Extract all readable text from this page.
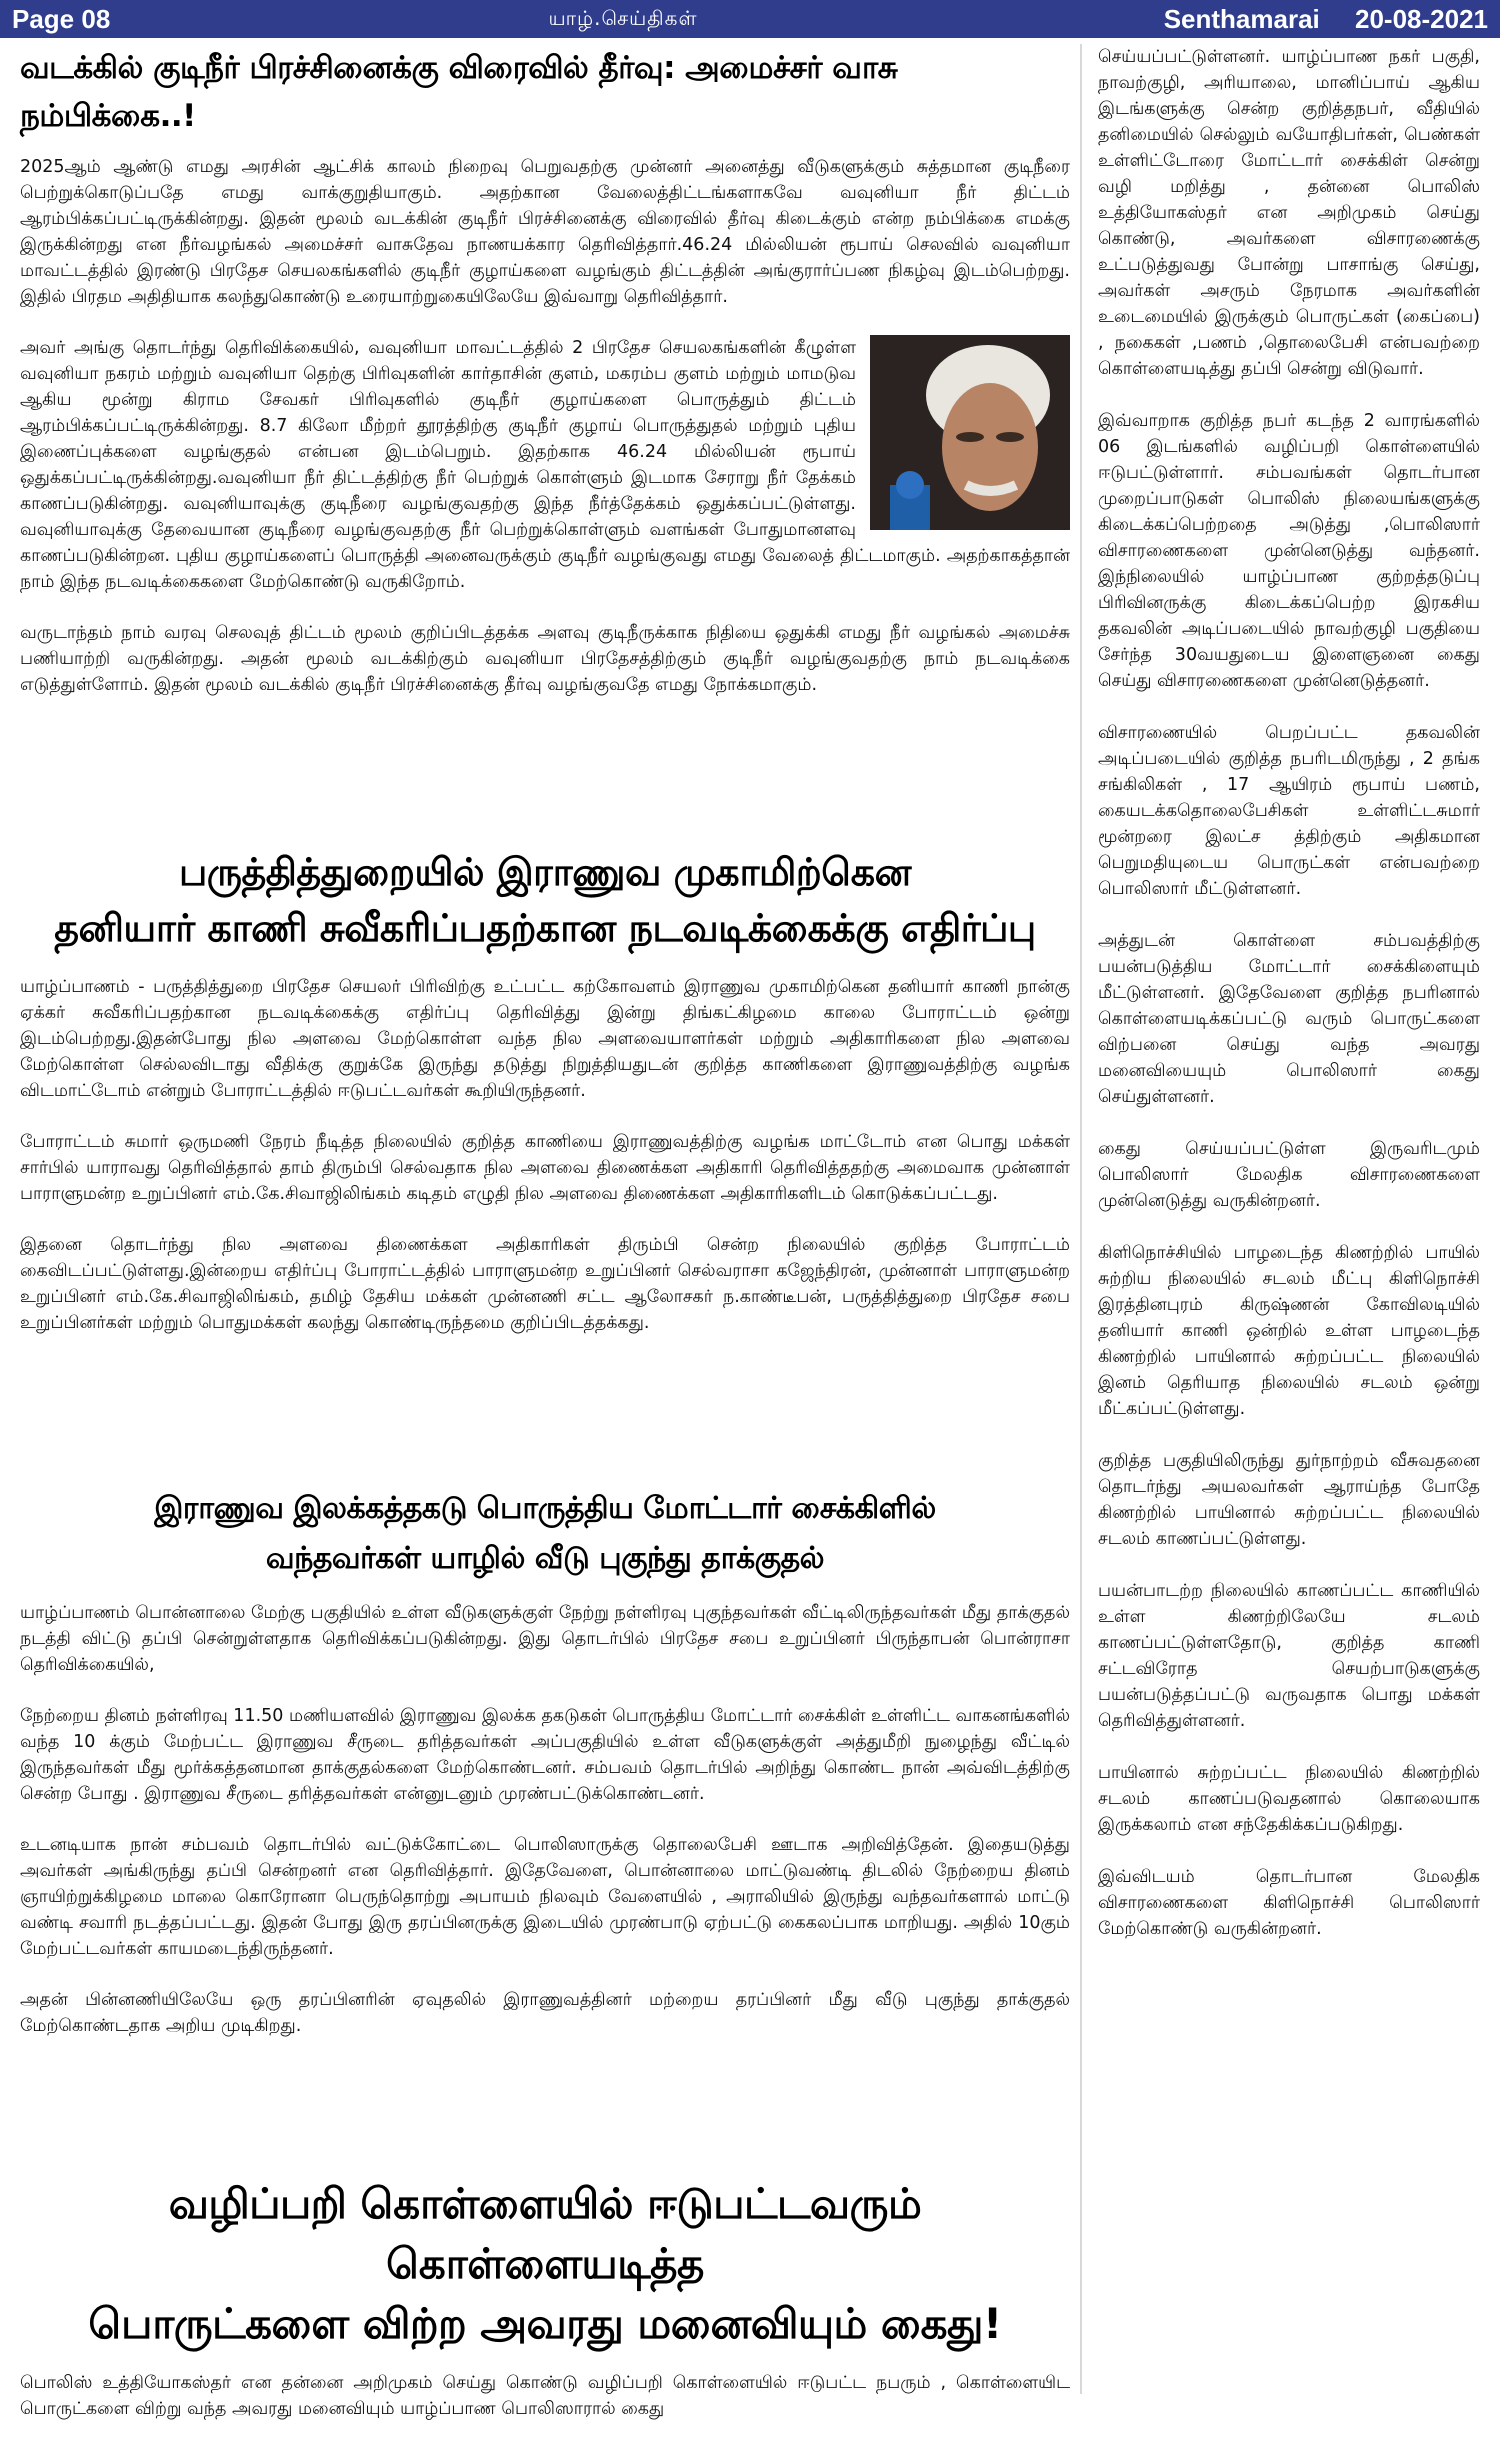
Page 08	யாழ்.செய்திகள்	Senthamarai 20-08-2021
வடக்கில் குடிநீர் பிரச்சினைக்கு விரைவில் தீர்வு: அமைச்சர் வாசு நம்பிக்கை..!

2025ஆம் ஆண்டு எமது அரசின் ஆட்சிக் காலம் நிறைவு பெறுவதற்கு முன்னர் அனைத்து வீடுகளுக்கும் சுத்தமான குடிநீரை பெற்றுக்கொடுப்பதே எமது வாக்குறுதியாகும். அதற்கான வேலைத்திட்டங்களாகவே வவுனியா நீர் திட்டம் ஆரம்பிக்கப்பட்டிருக்கின்றது. இதன் மூலம் வடக்கின் குடிநீர் பிரச்சினைக்கு விரைவில் தீர்வு கிடைக்கும் என்ற நம்பிக்கை எமக்கு இருக்கின்றது என நீர்வழங்கல் அமைச்சர் வாசுதேவ நாணயக்கார தெரிவித்தார்.46.24 மில்லியன் ரூபாய் செலவில் வவுனியா மாவட்டத்தில் இரண்டு பிரதேச செயலகங்களில் குடிநீர் குழாய்களை வழங்கும் திட்டத்தின் அங்குரார்ப்பண நிகழ்வு இடம்பெற்றது. இதில் பிரதம அதிதியாக கலந்துகொண்டு உரையாற்றுகையிலேயே இவ்வாறு தெரிவித்தார்.

அவர் அங்கு தொடர்ந்து தெரிவிக்கையில், வவுனியா மாவட்டத்தில் 2 பிரதேச செயலகங்களின் கீழுள்ள வவுனியா நகரம் மற்றும் வவுனியா தெற்கு பிரிவுகளின் கார்தாசின் குளம், மகரம்ப குளம் மற்றும் மாமடுவ ஆகிய மூன்று கிராம சேவகர் பிரிவுகளில் குடிநீர் குழாய்களை பொருத்தும் திட்டம் ஆரம்பிக்கப்பட்டிருக்கின்றது. 8.7 கிலோ மீற்றர் தூரத்திற்கு குடிநீர் குழாய் பொருத்துதல் மற்றும் புதிய இணைப்புக்களை வழங்குதல் என்பன இடம்பெறும். இதற்காக 46.24 மில்லியன் ரூபாய் ஒதுக்கப்பட்டிருக்கின்றது.வவுனியா நீர் திட்டத்திற்கு நீர் பெற்றுக் கொள்ளும் இடமாக சேராறு நீர் தேக்கம் காணப்படுகின்றது. வவுனியாவுக்கு குடிநீரை வழங்குவதற்கு இந்த நீர்த்தேக்கம் ஒதுக்கப்பட்டுள்ளது. வவுனியாவுக்கு தேவையான குடிநீரை வழங்குவதற்கு நீர் பெற்றுக்கொள்ளும் வளங்கள் போதுமானளவு காணப்படுகின்றன. புதிய குழாய்களைப் பொருத்தி அனைவருக்கும் குடிநீர் வழங்குவது எமது வேலைத் திட்டமாகும். அதற்காகத்தான் நாம் இந்த நடவடிக்கைகளை மேற்கொண்டு வருகிறோம்.

வருடாந்தம் நாம் வரவு செலவுத் திட்டம் மூலம் குறிப்பிடத்தக்க அளவு குடிநீருக்காக நிதியை ஒதுக்கி எமது நீர் வழங்கல் அமைச்சு பணியாற்றி வருகின்றது. அதன் மூலம் வடக்கிற்கும் வவுனியா பிரதேசத்திற்கும் குடிநீர் வழங்குவதற்கு நாம் நடவடிக்கை எடுத்துள்ளோம். இதன் மூலம் வடக்கில் குடிநீர் பிரச்சினைக்கு தீர்வு வழங்குவதே எமது நோக்கமாகும்.

பருத்தித்துறையில் இராணுவ முகாமிற்கென
தனியார் காணி சுவீகரிப்பதற்கான நடவடிக்கைக்கு எதிர்ப்பு

யாழ்ப்பாணம் - பருத்தித்துறை பிரதேச செயலர் பிரிவிற்கு உட்பட்ட கற்கோவளம் இராணுவ முகாமிற்கென தனியார் காணி நான்கு ஏக்கர் சுவீகரிப்பதற்கான நடவடிக்கைக்கு எதிர்ப்பு தெரிவித்து இன்று திங்கட்கிழமை காலை போராட்டம் ஒன்று இடம்பெற்றது.இதன்போது நில அளவை மேற்கொள்ள வந்த நில அளவையாளர்கள் மற்றும் அதிகாரிகளை நில அளவை மேற்கொள்ள செல்லவிடாது வீதிக்கு குறுக்கே இருந்து தடுத்து நிறுத்தியதுடன் குறித்த காணிகளை இராணுவத்திற்கு வழங்க விடமாட்டோம் என்றும் போராட்டத்தில் ஈடுபட்டவர்கள் கூறியிருந்தனர்.

போராட்டம் சுமார் ஒருமணி நேரம் நீடித்த நிலையில் குறித்த காணியை இராணுவத்திற்கு வழங்க மாட்டோம் என பொது மக்கள் சார்பில் யாராவது தெரிவித்தால் தாம் திரும்பி செல்வதாக நில அளவை திணைக்கள அதிகாரி தெரிவித்ததற்கு அமைவாக முன்னாள் பாராளுமன்ற உறுப்பினர் எம்.கே.சிவாஜிலிங்கம் கடிதம் எழுதி நில அளவை திணைக்கள அதிகாரிகளிடம் கொடுக்கப்பட்டது.

இதனை தொடர்ந்து நில அளவை திணைக்கள அதிகாரிகள் திரும்பி சென்ற நிலையில் குறித்த போராட்டம் கைவிடப்பட்டுள்ளது.இன்றைய எதிர்ப்பு போராட்டத்தில் பாராளுமன்ற உறுப்பினர் செல்வராசா கஜேந்திரன், முன்னாள் பாராளுமன்ற உறுப்பினர் எம்.கே.சிவாஜிலிங்கம், தமிழ் தேசிய மக்கள் முன்னணி சட்ட ஆலோசகர் ந.காண்டீபன், பருத்தித்துறை பிரதேச சபை உறுப்பினர்கள் மற்றும் பொதுமக்கள் கலந்து கொண்டிருந்தமை குறிப்பிடத்தக்கது.

இராணுவ இலக்கத்தகடு பொருத்திய மோட்டார் சைக்கிளில்
வந்தவர்கள் யாழில் வீடு புகுந்து தாக்குதல்

யாழ்ப்பாணம் பொன்னாலை மேற்கு பகுதியில் உள்ள வீடுகளுக்குள் நேற்று நள்ளிரவு புகுந்தவர்கள் வீட்டிலிருந்தவர்கள் மீது தாக்குதல் நடத்தி விட்டு தப்பி சென்றுள்ளதாக தெரிவிக்கப்படுகின்றது. இது தொடர்பில் பிரதேச சபை உறுப்பினர் பிருந்தாபன் பொன்ராசா தெரிவிக்கையில்,

நேற்றைய தினம் நள்ளிரவு 11.50 மணியளவில் இராணுவ இலக்க தகடுகள் பொருத்திய மோட்டார் சைக்கிள் உள்ளிட்ட வாகனங்களில் வந்த 10 க்கும் மேற்பட்ட இராணுவ சீருடை தரித்தவர்கள் அப்பகுதியில் உள்ள வீடுகளுக்குள் அத்துமீறி நுழைந்து வீட்டில் இருந்தவர்கள் மீது மூர்க்கத்தனமான தாக்குதல்களை மேற்கொண்டனர். சம்பவம் தொடர்பில் அறிந்து கொண்ட நான் அவ்விடத்திற்கு சென்ற போது . இராணுவ சீருடை தரித்தவர்கள் என்னுடனும் முரண்பட்டுக்கொண்டனர்.

உடனடியாக நான் சம்பவம் தொடர்பில் வட்டுக்கோட்டை பொலிஸாருக்கு தொலைபேசி ஊடாக அறிவித்தேன். இதையடுத்து அவர்கள் அங்கிருந்து தப்பி சென்றனர் என தெரிவித்தார். இதேவேளை, பொன்னாலை மாட்டுவண்டி திடலில் நேற்றைய தினம் ஞாயிற்றுக்கிழமை மாலை கொரோனா பெருந்தொற்று அபாயம் நிலவும் வேளையில் , அராலியில் இருந்து வந்தவர்களால் மாட்டு வண்டி சவாரி நடத்தப்பட்டது. இதன் போது இரு தரப்பினருக்கு இடையில் முரண்பாடு ஏற்பட்டு கைகலப்பாக மாறியது. அதில் 10கும் மேற்பட்டவர்கள் காயமடைந்திருந்தனர்.

அதன் பின்னணியிலேயே ஒரு தரப்பினரின் ஏவுதலில் இராணுவத்தினர் மற்றைய தரப்பினர் மீது வீடு புகுந்து தாக்குதல் மேற்கொண்டதாக அறிய முடிகிறது.

வழிப்பறி கொள்ளையில் ஈடுபட்டவரும் கொள்ளையடித்த
பொருட்களை விற்ற அவரது மனைவியும் கைது!

பொலிஸ் உத்தியோகஸ்தர் என தன்னை அறிமுகம் செய்து கொண்டு வழிப்பறி கொள்ளையில் ஈடுபட்ட நபரும் , கொள்ளையிட பொருட்களை விற்று வந்த அவரது மனைவியும் யாழ்ப்பாண பொலிஸாரால் கைது

செய்யப்பட்டுள்ளனர். யாழ்ப்பாண நகர் பகுதி, நாவற்குழி, அரியாலை, மானிப்பாய் ஆகிய இடங்களுக்கு சென்ற குறித்தநபர், வீதியில் தனிமையில் செல்லும் வயோதிபர்கள், பெண்கள் உள்ளிட்டோரை மோட்டார் சைக்கிள் சென்று வழி மறித்து , தன்னை பொலிஸ் உத்தியோகஸ்தர் என அறிமுகம் செய்து கொண்டு, அவர்களை விசாரணைக்கு உட்படுத்துவது போன்று பாசாங்கு செய்து, அவர்கள் அசரும் நேரமாக அவர்களின் உடைமையில் இருக்கும் பொருட்கள் (கைப்பை) , நகைகள் ,பணம் ,தொலைபேசி என்பவற்றை கொள்ளையடித்து தப்பி சென்று விடுவார்.

இவ்வாறாக குறித்த நபர் கடந்த 2 வாரங்களில் 06 இடங்களில் வழிப்பறி கொள்ளையில் ஈடுபட்டுள்ளார். சம்பவங்கள் தொடர்பான முறைப்பாடுகள் பொலிஸ் நிலையங்களுக்கு கிடைக்கப்பெற்றதை அடுத்து ,பொலிஸார் விசாரணைகளை முன்னெடுத்து வந்தனர். இந்நிலையில் யாழ்ப்பாண குற்றத்தடுப்பு பிரிவினருக்கு கிடைக்கப்பெற்ற இரகசிய தகவலின் அடிப்படையில் நாவற்குழி பகுதியை சேர்ந்த 30வயதுடைய இளைஞனை கைது செய்து விசாரணைகளை முன்னெடுத்தனர்.

விசாரணையில் பெறப்பட்ட தகவலின் அடிப்படையில் குறித்த நபரிடமிருந்து , 2 தங்க சங்கிலிகள் , 17 ஆயிரம் ரூபாய் பணம், கையடக்கதொலைபேசிகள் உள்ளிட்டசுமார் மூன்றரை இலட்ச த்திற்கும் அதிகமான பெறுமதியுடைய பொருட்கள் என்பவற்றை பொலிஸார் மீட்டுள்ளனர்.

அத்துடன் கொள்ளை சம்பவத்திற்கு பயன்படுத்திய மோட்டார் சைக்கிளையும் மீட்டுள்ளனர். இதேவேளை குறித்த நபரினால் கொள்ளையடிக்கப்பட்டு வரும் பொருட்களை விற்பனை செய்து வந்த அவரது மனைவியையும் பொலிஸார் கைது செய்துள்ளனர்.

கைது செய்யப்பட்டுள்ள இருவரிடமும் பொலிஸார் மேலதிக விசாரணைகளை முன்னெடுத்து வருகின்றனர்.

கிளிநொச்சியில் பாழடைந்த கிணற்றில் பாயில் சுற்றிய நிலையில் சடலம் மீட்பு கிளிநொச்சி இரத்தினபுரம் கிருஷ்ணன் கோவிலடியில் தனியார் காணி ஒன்றில் உள்ள பாழடைந்த கிணற்றில் பாயினால் சுற்றப்பட்ட நிலையில் இனம் தெரியாத நிலையில் சடலம் ஒன்று மீட்கப்பட்டுள்ளது.

குறித்த பகுதியிலிருந்து துர்நாற்றம் வீசுவதனை தொடர்ந்து அயலவர்கள் ஆராய்ந்த போதே கிணற்றில் பாயினால் சுற்றப்பட்ட நிலையில் சடலம் காணப்பட்டுள்ளது.

பயன்பாடற்ற நிலையில் காணப்பட்ட காணியில் உள்ள கிணற்றிலேயே சடலம் காணப்பட்டுள்ளதோடு, குறித்த காணி சட்டவிரோத செயற்பாடுகளுக்கு பயன்படுத்தப்பட்டு வருவதாக பொது மக்கள் தெரிவித்துள்ளனர்.

பாயினால் சுற்றப்பட்ட நிலையில் கிணற்றில் சடலம் காணப்படுவதனால் கொலையாக இருக்கலாம் என சந்தேகிக்கப்படுகிறது.

இவ்விடயம் தொடர்பான மேலதிக விசாரணைகளை கிளிநொச்சி பொலிஸார் மேற்கொண்டு வருகின்றனர்.
